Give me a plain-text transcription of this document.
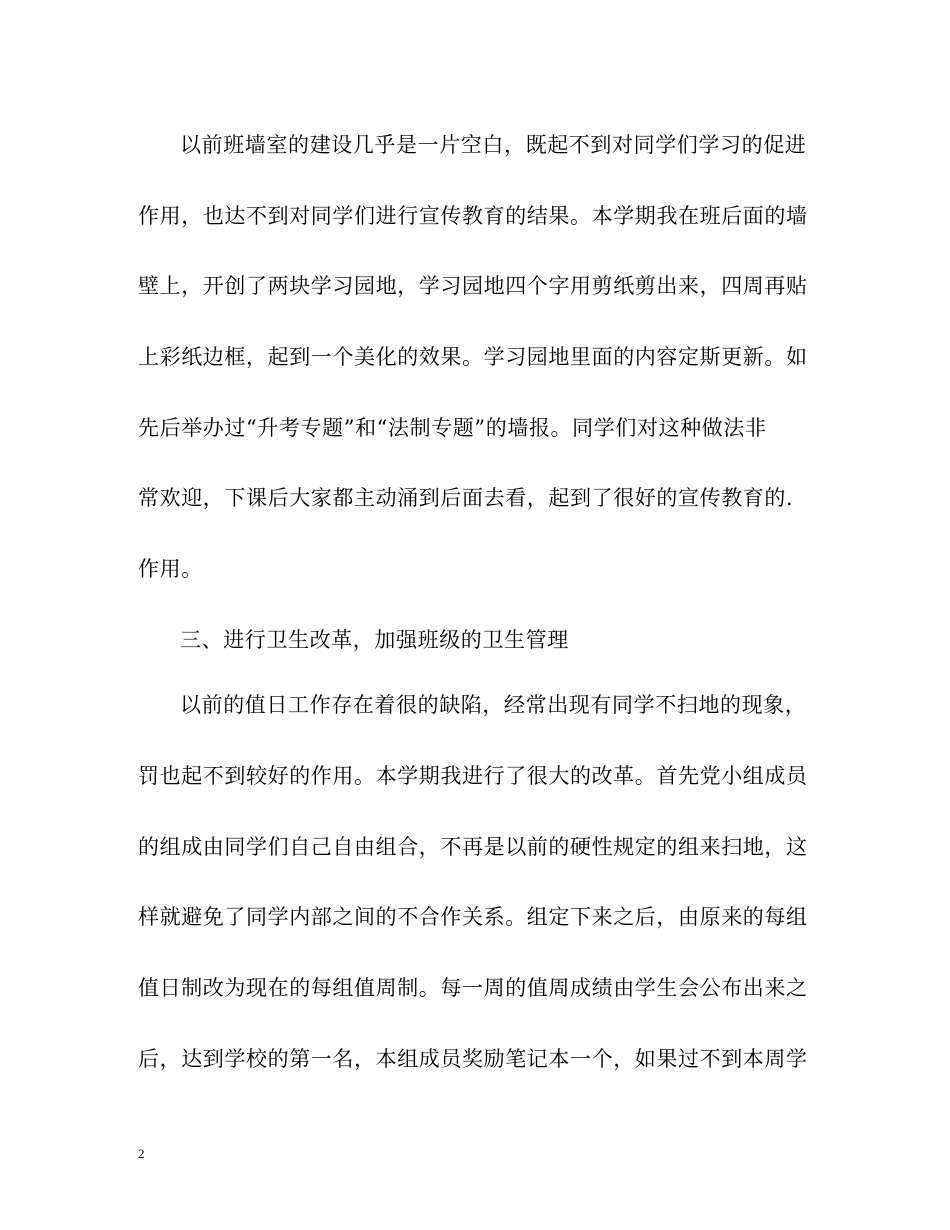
以前班墙室的建设几乎是一片空白，既起不到对同学们学习的促进
作用，也达不到对同学们进行宣传教育的结果。本学期我在班后面的墙
壁上，开创了两块学习园地，学习园地四个字用剪纸剪出来，四周再贴
上彩纸边框，起到一个美化的效果。学习园地里面的内容定斯更新。如
先后举办过“升考专题”和“法制专题”的墙报。同学们对这种做法非
常欢迎，下课后大家都主动涌到后面去看，起到了很好的宣传教育的.
作用。
三、进行卫生改革，加强班级的卫生管理
以前的值日工作存在着很的缺陷，经常出现有同学不扫地的现象，
罚也起不到较好的作用。本学期我进行了很大的改革。首先党小组成员
的组成由同学们自己自由组合，不再是以前的硬性规定的组来扫地，这
样就避免了同学内部之间的不合作关系。组定下来之后，由原来的每组
值日制改为现在的每组值周制。每一周的值周成绩由学生会公布出来之
后，达到学校的第一名，本组成员奖励笔记本一个，如果过不到本周学
2
